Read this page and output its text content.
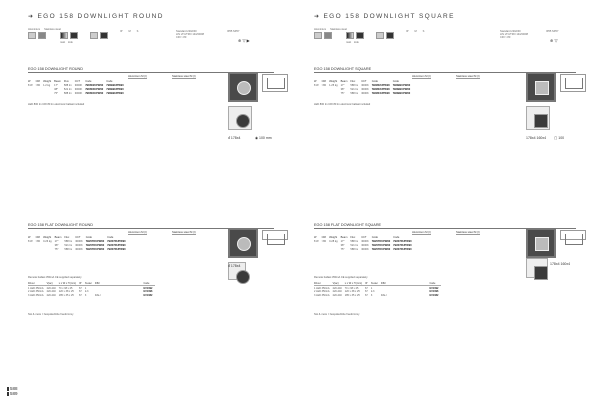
➜ EGO 158 DOWNLIGHT ROUND
Aluminium Stainless steel
matt look
IP M S	Standard 220/240
LIN LTC/TRO 14/230/08
CRI > 80
IP65 SP67
⊕ ▽ ▶
EGO 158 DOWNLIGHT ROUND
Aluminium M (I)	Stainless steel M (I)
W	CRI	Weight	Beam	Flux	CCT	Code	Code
8 W	>80	1.2 kg	17°	588 lm	3000K	7B0802UPW90	7B0BBUPW90
			38°	521 lm	3000K	7B0803UPW90	7B0BBUPW90
			75°	588 lm	3000K	7B0804UPW90	7B0BBUPW90
LED 800 lm CRI 80 lm electronic ballast included
ᵭ 178x4	◉ 100 mm
EGO 158 FLAT DOWNLIGHT ROUND
Aluminium M (I)	Stainless steel M (I)
W	CRI	Weight	Beam	Flux	CCT	Code	Code
8 W	>80	0.26 kg	17°	588 lm	3000K	7B207DUPW90	7B207DUPW90
			38°	521 lm	3000K	7B207DUPW90	7B207DUPW90
			75°	588 lm	3000K	7B207DUPW90	7B207DUPW90
ᵭ 178x4
Remote ballast 350mA CE supplied separately
Driver	V(ac)	L x W x H (mm)	IP	N.elec	DIM		Code
1 LED 350mA	220-240	70 x 38 x 25	67	1			EV1092
2 LED 350mA	220-240	120 x 38 x 25	67	2-3			EV1096
3 LED 350mA	220-240	185 x 35 x 25	67	3	DALI		EV1082
Not & more = bespoke/fobe freeformmy
588
589
➜ EGO 158 DOWNLIGHT SQUARE
Aluminium Stainless steel
matt look
IP M S	Standard 220/240
LIN LTC/TRO 14/230/08
CRI > 80
IP65 SP67
⊕ ▽
EGO 158 DOWNLIGHT SQUARE
Aluminium M (I)	Stainless steel M (I)
W	CRI	Weight	Beam	Flux	CCT	Code	Code
8 W	>80	1.25 kg	17°	588 lm	3000K	7B0802UPW90	7B0BBUPW90
			38°	521 lm	3000K	7B0803UPW90	7B0BBUPW90
			75°	588 lm	3000K	7B0804UPW90	7B0BBUPW90
LED 800 lm CRI 80 lm electronic ballast included
178x4 160x4 ▢ 100
EGO 158 FLAT DOWNLIGHT SQUARE
Aluminium M (I)	Stainless steel M (I)
W	CRI	Weight	Beam	Flux	CCT	Code	Code
8 W	>80	0.28 kg	17°	588 lm	3000K	7B207DUPW90	7B207DUPW90
			38°	521 lm	3000K	7B207DUPW90	7B207DUPW90
			75°	588 lm	3000K	7B207DUPW90	7B207DUPW90
178x4 160x4
Remote ballast 350mA CE supplied separately
Driver	V(ac)	L x W x H (mm)	IP	N.elec	DIM		Code
1 LED 350mA	220-240	70 x 38 x 25	67	1			EV1092
2 LED 350mA	220-240	120 x 38 x 25	67	2-3			EV1096
3 LED 350mA	220-240	185 x 35 x 25	67	3	DALI		EV1082
Not & more = bespoke/fobe freeformmy
